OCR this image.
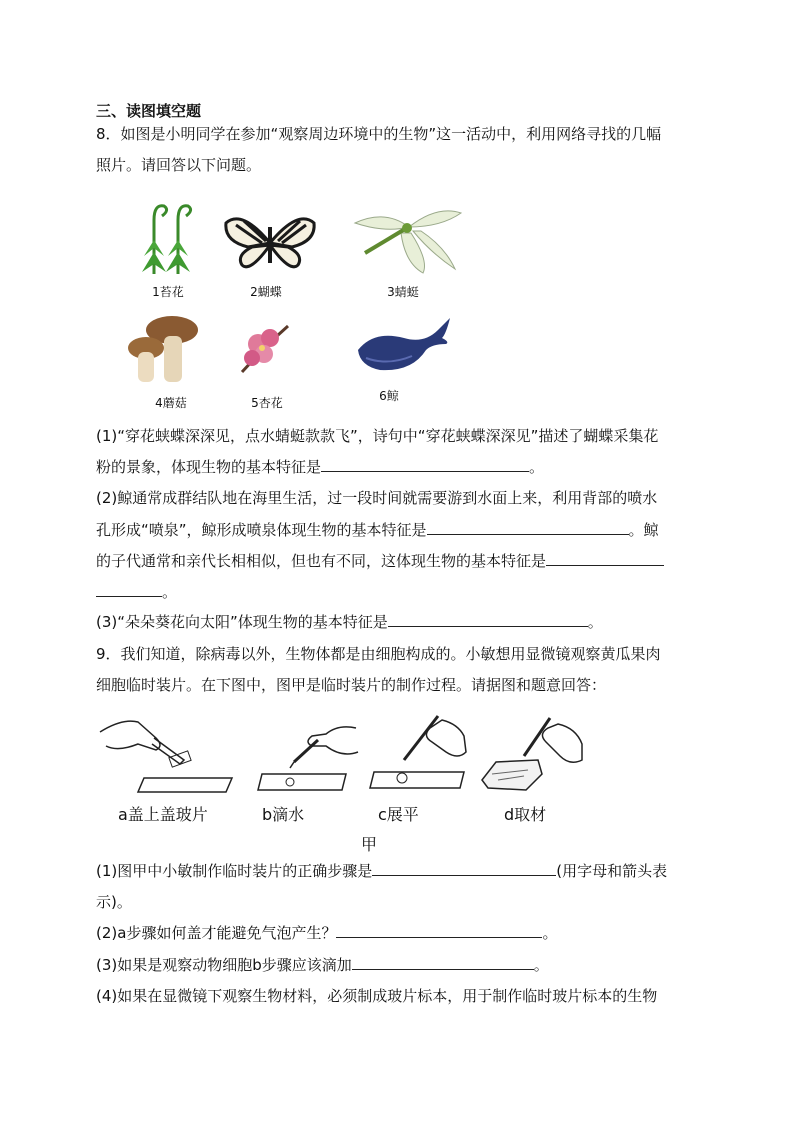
三、读图填空题
8．如图是小明同学在参加“观察周边环境中的生物”这一活动中，利用网络寻找的几幅
照片。请回答以下问题。
1苔花	2蝴蝶	3蜻蜓
4蘑菇	5杏花	6鲸
(1)“穿花蛱蝶深深见，点水蜻蜓款款飞”，诗句中“穿花蛱蝶深深见”描述了蝴蝶采集花
粉的景象，体现生物的基本特征是	。
(2)鲸通常成群结队地在海里生活，过一段时间就需要游到水面上来，利用背部的喷水
孔形成“喷泉”，鲸形成喷泉体现生物的基本特征是	。鲸
的子代通常和亲代长相相似，但也有不同，这体现生物的基本特征是
。
(3)“朵朵葵花向太阳”体现生物的基本特征是	。
9．我们知道，除病毒以外，生物体都是由细胞构成的。小敏想用显微镜观察黄瓜果肉
细胞临时装片。在下图中，图甲是临时装片的制作过程。请据图和题意回答：
a盖上盖玻片	b滴水	c展平	d取材
甲
(1)图甲中小敏制作临时装片的正确步骤是	(用字母和箭头表
示)。
(2)a步骤如何盖才能避免气泡产生？	。
(3)如果是观察动物细胞b步骤应该滴加	。
(4)如果在显微镜下观察生物材料，必须制成玻片标本，用于制作临时玻片标本的生物
